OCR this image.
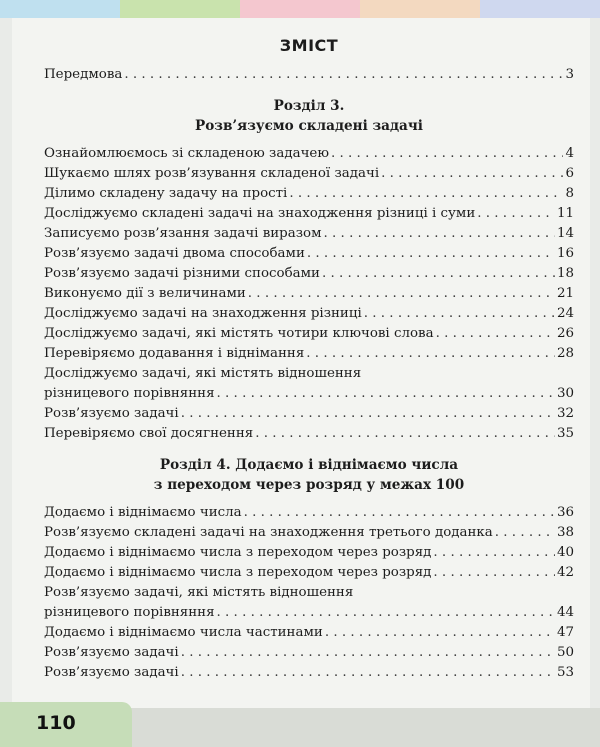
ЗМІСТ
Передмова . . .	3
Розділ 3.
Розв’язуємо складені задачі
Ознайомлюємось зі складеною задачею . . .	4
Шукаємо шлях розв’язування складеної задачі . . .	6
Ділимо складену задачу на прості . . .	8
Досліджуємо складені задачі на знаходження різниці і суми . . .	11
Записуємо розв’язання задачі виразом . . .	14
Розв’язуємо задачі двома способами . . .	16
Розв’язуємо задачі різними способами . . .	18
Виконуємо дії з величинами . . .	21
Досліджуємо задачі на знаходження різниці . . .	24
Досліджуємо задачі, які містять чотири ключові слова . . .	26
Перевіряємо додавання і віднімання . . .	28
Досліджуємо задачі, які містять відношення
різницевого порівняння . . .	30
Розв’язуємо задачі . . .	32
Перевіряємо свої досягнення . . .	35
Розділ 4. Додаємо і віднімаємо числа
з переходом через розряд у межах 100
Додаємо і віднімаємо числа . . .	36
Розв’язуємо складені задачі на знаходження третього доданка . . .	38
Додаємо і віднімаємо числа з переходом через розряд . . .	40
Додаємо і віднімаємо числа з переходом через розряд . . .	42
Розв’язуємо задачі, які містять відношення
різницевого порівняння . . .	44
Додаємо і віднімаємо числа частинами . . .	47
Розв’язуємо задачі . . .	50
Розв’язуємо задачі . . .	53
110
